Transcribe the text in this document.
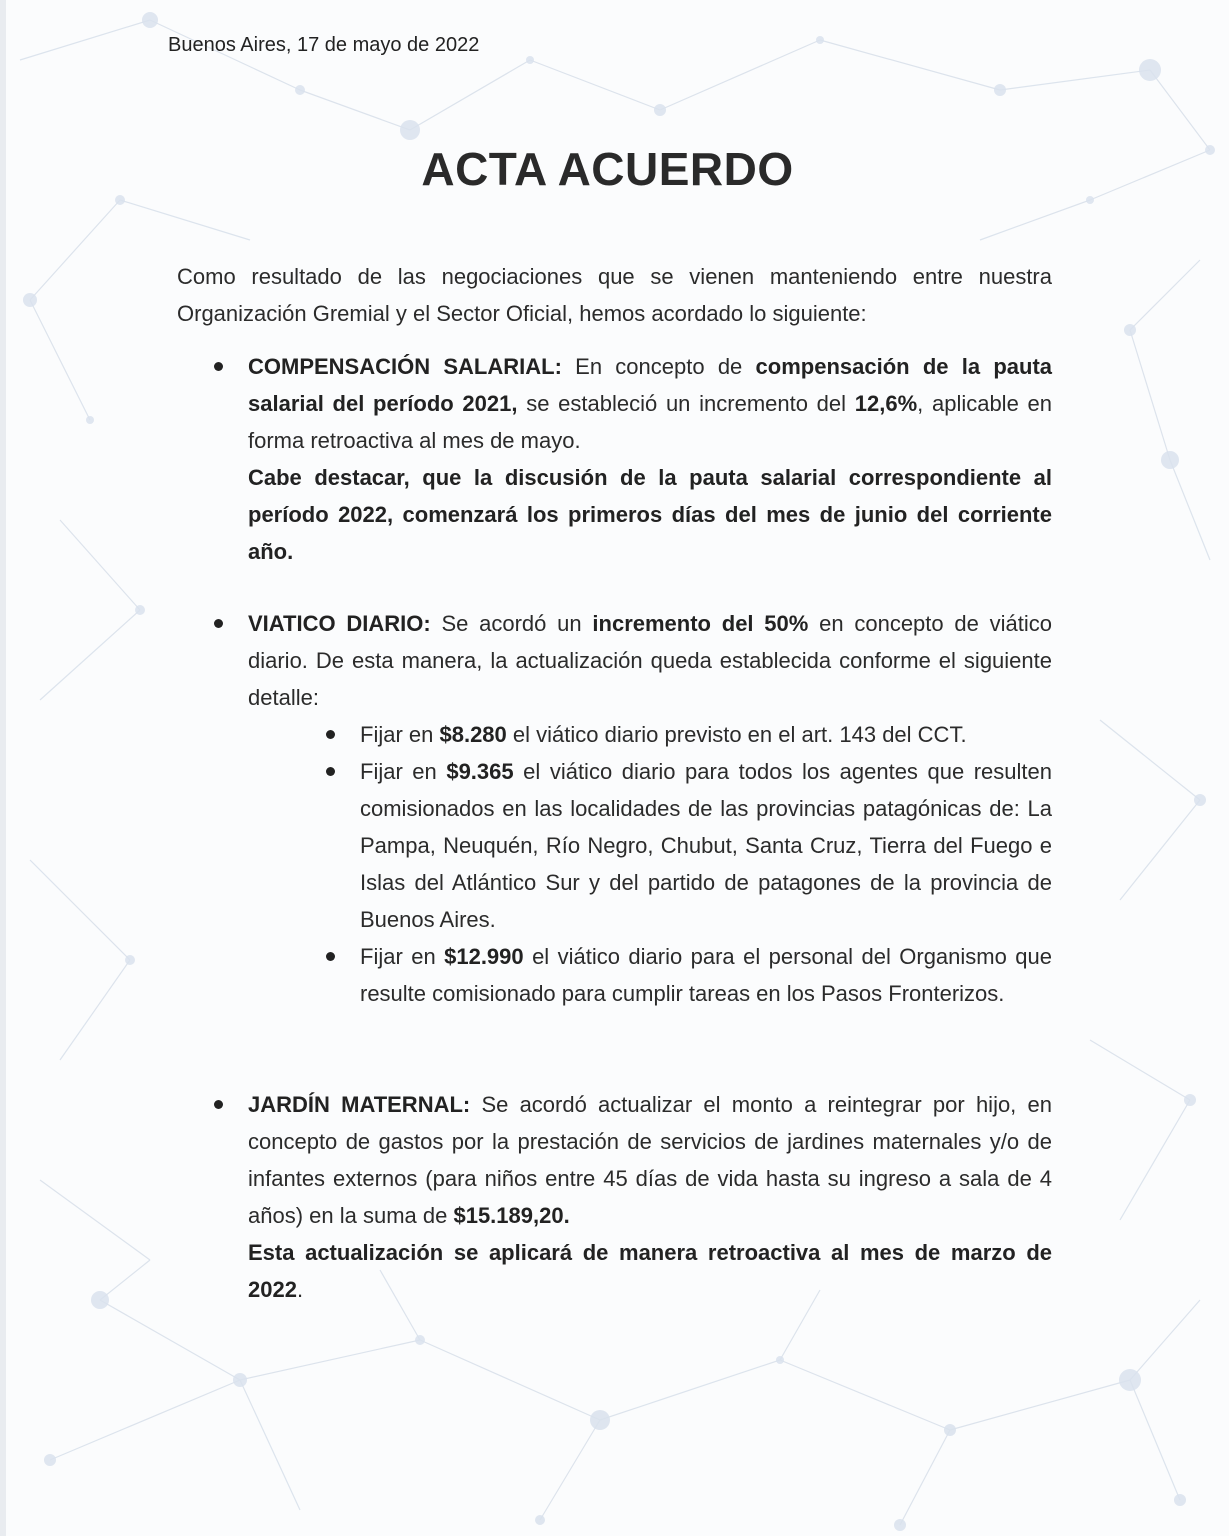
Buenos Aires, 17 de mayo de 2022
ACTA ACUERDO
Como resultado de las negociaciones que se vienen manteniendo entre nuestra Organización Gremial y el Sector Oficial, hemos acordado lo siguiente:

COMPENSACIÓN SALARIAL: En concepto de compensación de la pauta salarial del período 2021, se estableció un incremento del 12,6%, aplicable en forma retroactiva al mes de mayo.

Cabe destacar, que la discusión de la pauta salarial correspondiente al período 2022, comenzará los primeros días del mes de junio del corriente año.

VIATICO DIARIO: Se acordó un incremento del 50% en concepto de viático diario. De esta manera, la actualización queda establecida conforme el siguiente detalle:

Fijar en $8.280 el viático diario previsto en el art. 143 del CCT.
Fijar en $9.365 el viático diario para todos los agentes que resulten comisionados en las localidades de las provincias patagónicas de: La Pampa, Neuquén, Río Negro, Chubut, Santa Cruz, Tierra del Fuego e Islas del Atlántico Sur y del partido de patagones de la provincia de Buenos Aires.
Fijar en $12.990 el viático diario para el personal del Organismo que resulte comisionado para cumplir tareas en los Pasos Fronterizos.

JARDÍN MATERNAL: Se acordó actualizar el monto a reintegrar por hijo, en concepto de gastos por la prestación de servicios de jardines maternales y/o de infantes externos (para niños entre 45 días de vida hasta su ingreso a sala de 4 años) en la suma de $15.189,20.

Esta actualización se aplicará de manera retroactiva al mes de marzo de 2022.
